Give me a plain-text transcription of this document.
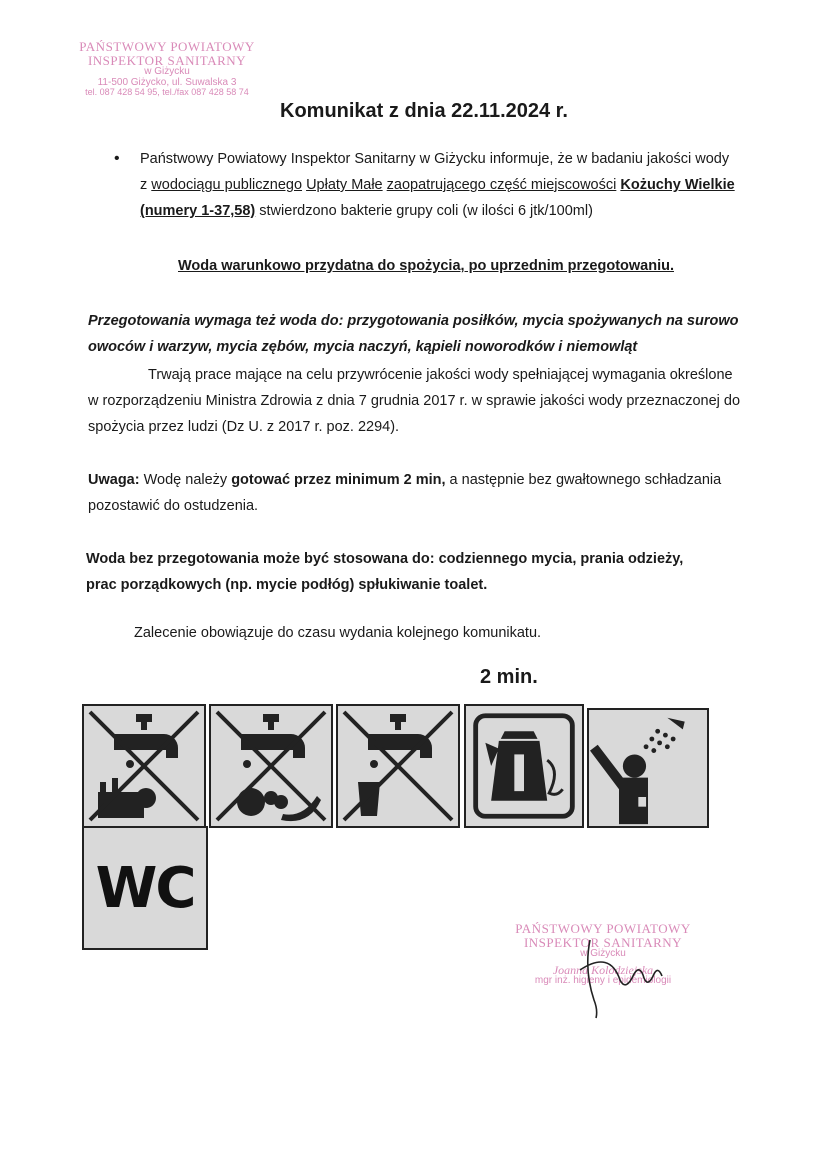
PAŃSTWOWY POWIATOWY
INSPEKTOR SANITARNY
w Giżycku
11-500 Giżycko, ul. Suwalska 3
tel. 087 428 54 95, tel./fax 087 428 58 74
Komunikat z dnia 22.11.2024 r.
• Państwowy Powiatowy Inspektor Sanitarny w Giżycku informuje, że w badaniu jakości wody
z wodociągu publicznego Upłaty Małe zaopatrującego część miejscowości Kożuchy Wielkie
(numery 1-37,58) stwierdzono bakterie grupy coli (w ilości 6 jtk/100ml)
Woda warunkowo przydatna do spożycia, po uprzednim przegotowaniu.
Przegotowania wymaga też woda do: przygotowania posiłków, mycia spożywanych na surowo
owoców i warzyw, mycia zębów, mycia naczyń, kąpieli noworodków i niemowląt
Trwają prace mające na celu przywrócenie jakości wody spełniającej wymagania określone
w rozporządzeniu Ministra Zdrowia z dnia 7 grudnia 2017 r. w sprawie jakości wody przeznaczonej do
spożycia przez ludzi (Dz U. z 2017 r. poz. 2294).
Uwaga: Wodę należy gotować przez minimum 2 min, a następnie bez gwałtownego schładzania
pozostawić do ostudzenia.
Woda bez przegotowania może być stosowana do: codziennego mycia, prania odzieży,
prac porządkowych (np. mycie podłóg) spłukiwanie toalet.
Zalecenie obowiązuje do czasu wydania kolejnego komunikatu.
2 min.
WC
PAŃSTWOWY POWIATOWY
INSPEKTOR SANITARNY
w Giżycku
Joanna Kolodziejska
mgr inż. higieny i epidemiologii
